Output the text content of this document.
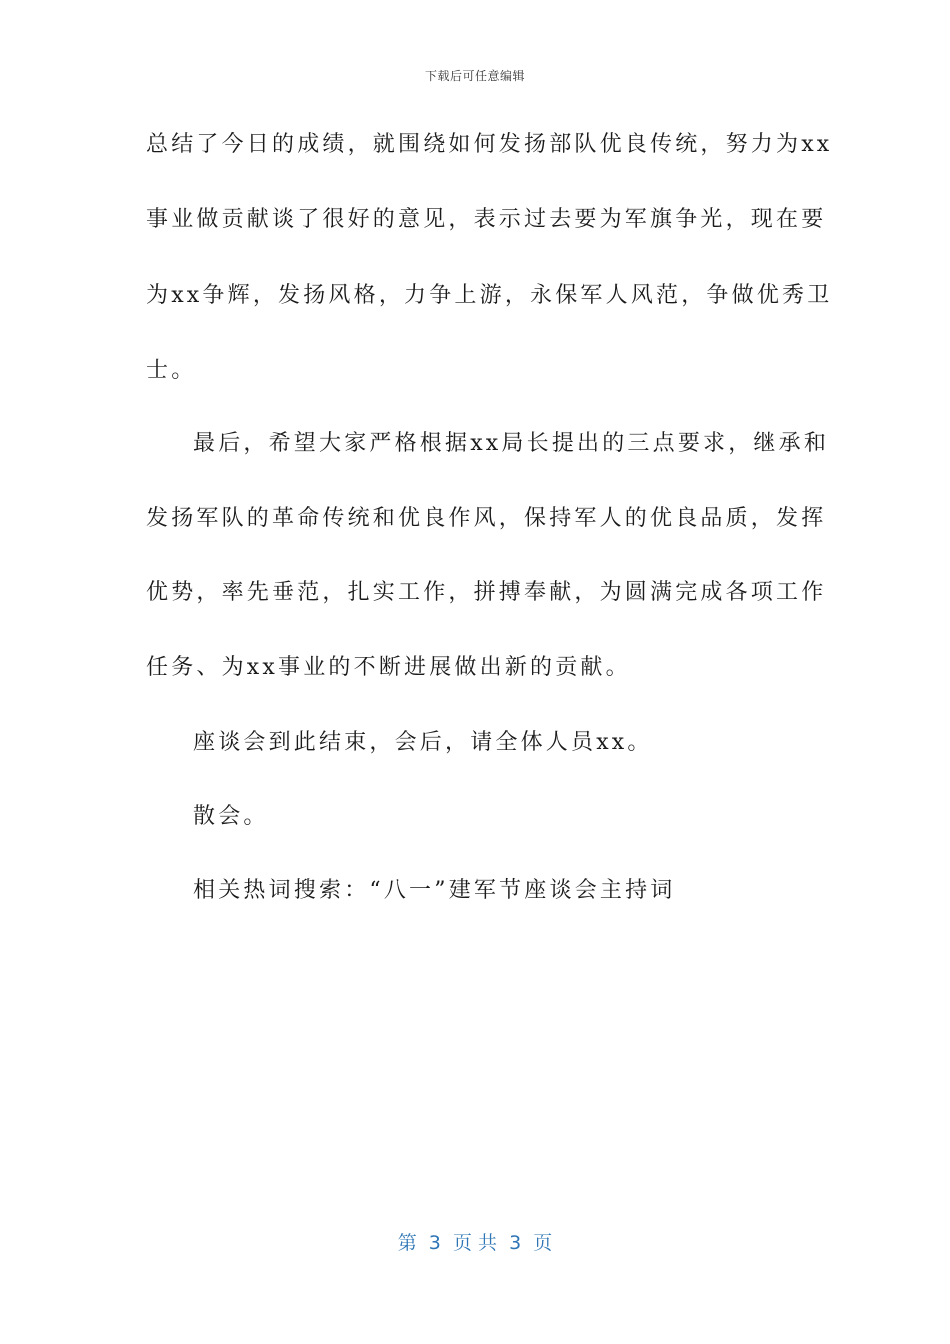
下载后可任意编辑
总结了今日的成绩，就围绕如何发扬部队优良传统，努力为xx
事业做贡献谈了很好的意见，表示过去要为军旗争光，现在要
为xx争辉，发扬风格，力争上游，永保军人风范，争做优秀卫
士。
最后，希望大家严格根据xx局长提出的三点要求，继承和
发扬军队的革命传统和优良作风，保持军人的优良品质，发挥
优势，率先垂范，扎实工作，拼搏奉献，为圆满完成各项工作
任务、为xx事业的不断进展做出新的贡献。
座谈会到此结束，会后，请全体人员xx。
散会。
相关热词搜索：“八一”建军节座谈会主持词
第  3  页 共  3  页
